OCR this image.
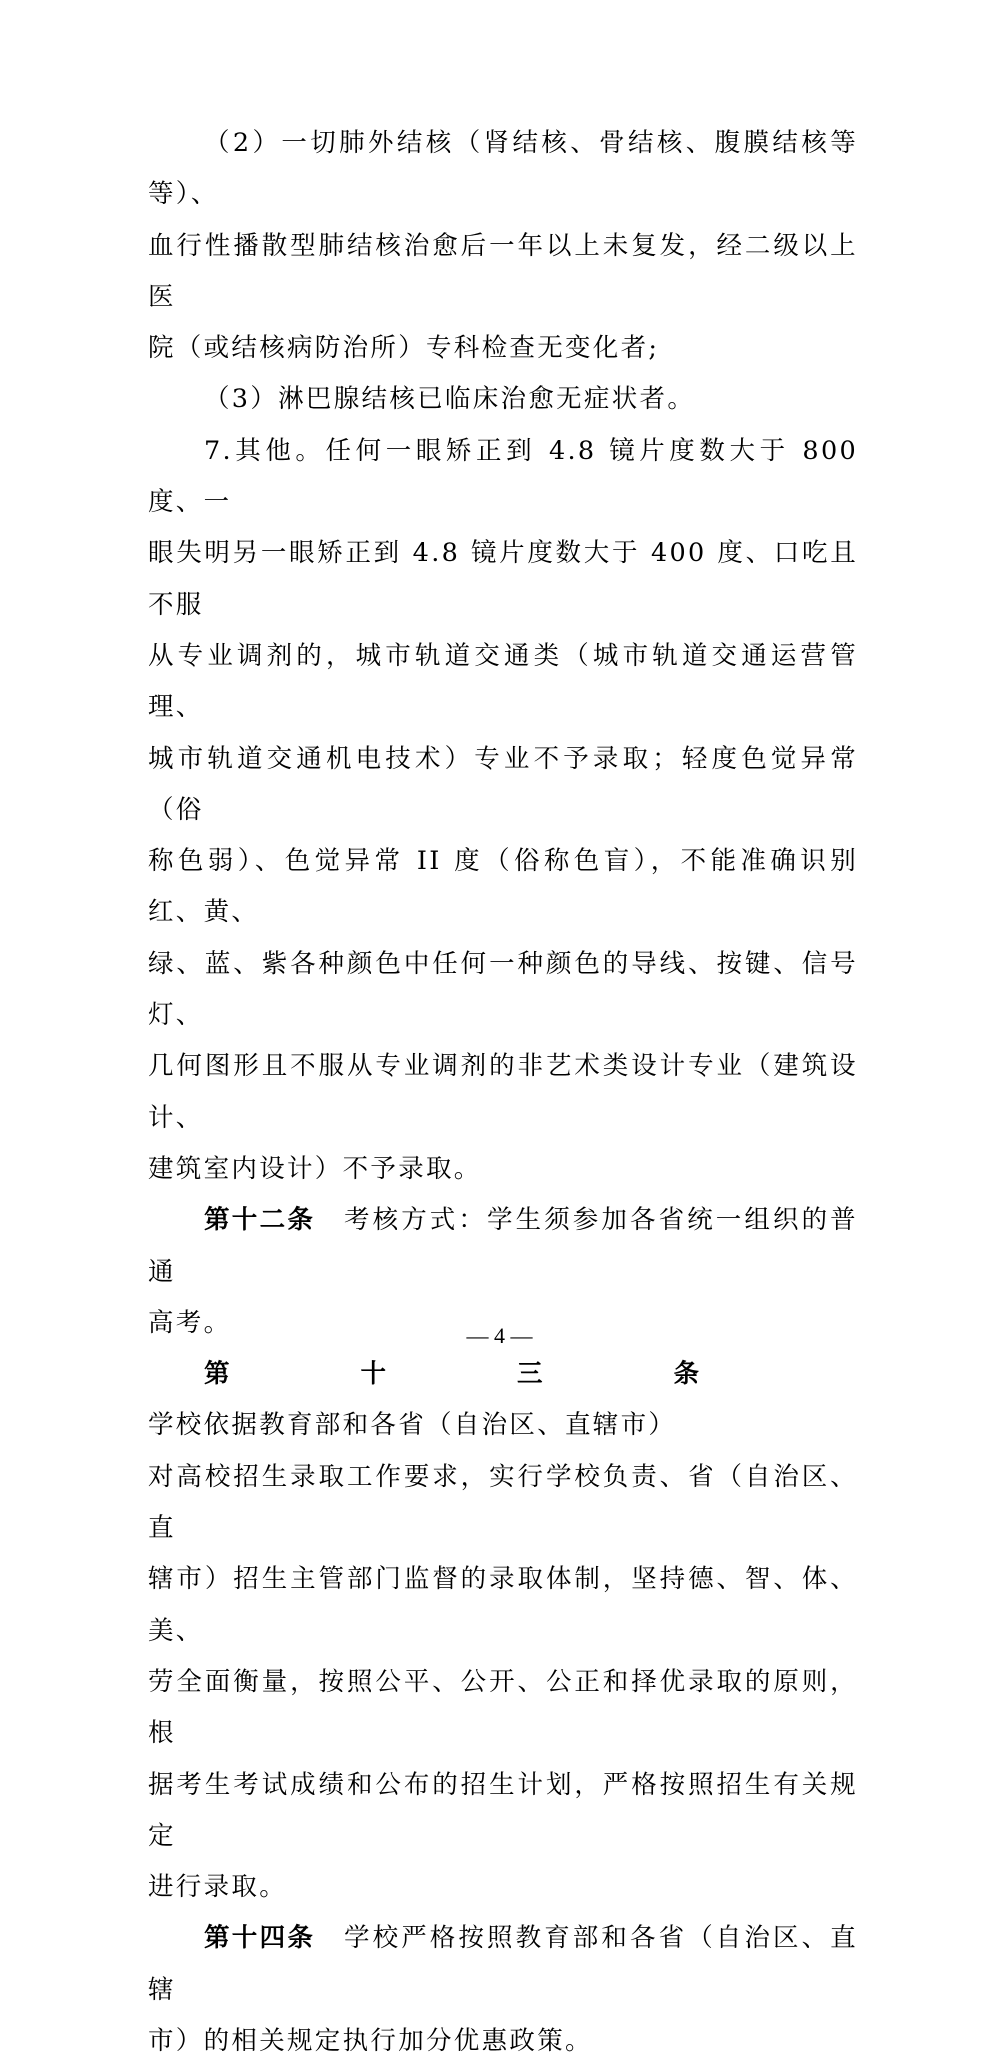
（2）一切肺外结核（肾结核、骨结核、腹膜结核等等）、
血行性播散型肺结核治愈后一年以上未复发，经二级以上医
院（或结核病防治所）专科检查无变化者;

（3）淋巴腺结核已临床治愈无症状者。

7.其他。任何一眼矫正到 4.8 镜片度数大于 800 度、一
眼失明另一眼矫正到 4.8 镜片度数大于 400 度、口吃且不服
从专业调剂的，城市轨道交通类（城市轨道交通运营管理、
城市轨道交通机电技术）专业不予录取；轻度色觉异常（俗
称色弱）、色觉异常 II 度（俗称色盲），不能准确识别红、黄、
绿、蓝、紫各种颜色中任何一种颜色的导线、按键、信号灯、
几何图形且不服从专业调剂的非艺术类设计专业（建筑设计、
建筑室内设计）不予录取。

第十二条 考核方式：学生须参加各省统一组织的普通
高考。

第十三条学校依据教育部和各省（自治区、直辖市）
对高校招生录取工作要求，实行学校负责、省（自治区、直
辖市）招生主管部门监督的录取体制，坚持德、智、体、美、
劳全面衡量，按照公平、公开、公正和择优录取的原则，根
据考生考试成绩和公布的招生计划，严格按照招生有关规定
进行录取。

第十四条 学校严格按照教育部和各省（自治区、直辖
市）的相关规定执行加分优惠政策。

— 4 —
